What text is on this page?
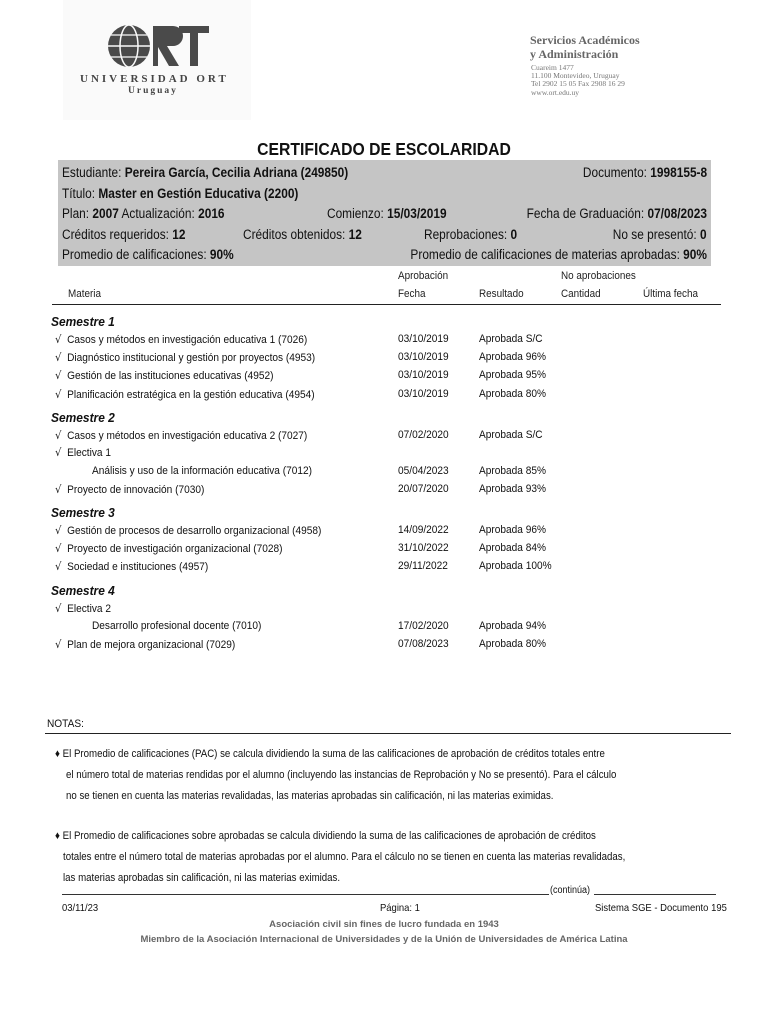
UNIVERSIDAD ORT
Uruguay
Servicios Académicos
y Administración
Cuareim 1477
11.100 Montevideo, Uruguay
Tel 2902 15 05 Fax 2908 16 29
www.ort.edu.uy
CERTIFICADO DE ESCOLARIDAD
Estudiante: Pereira García, Cecilia Adriana (249850)	Documento: 1998155-8
Título: Master en Gestión Educativa (2200)
Plan: 2007 Actualización: 2016	Comienzo: 15/03/2019	Fecha de Graduación: 07/08/2023
Créditos requeridos: 12	Créditos obtenidos: 12	Reprobaciones: 0	No se presentó: 0
Promedio de calificaciones: 90%	Promedio de calificaciones de materias aprobadas: 90%
Aprobación	No aprobaciones
Materia	Fecha	Resultado	Cantidad	Última fecha
Semestre 1
√ Casos y métodos en investigación educativa 1 (7026)	03/10/2019	Aprobada S/C
√ Diagnóstico institucional y gestión por proyectos (4953)	03/10/2019	Aprobada 96%
√ Gestión de las instituciones educativas (4952)	03/10/2019	Aprobada 95%
√ Planificación estratégica en la gestión educativa (4954)	03/10/2019	Aprobada 80%
Semestre 2
√ Casos y métodos en investigación educativa 2 (7027)	07/02/2020	Aprobada S/C
√ Electiva 1
Análisis y uso de la información educativa (7012)	05/04/2023	Aprobada 85%
√ Proyecto de innovación (7030)	20/07/2020	Aprobada 93%
Semestre 3
√ Gestión de procesos de desarrollo organizacional (4958)	14/09/2022	Aprobada 96%
√ Proyecto de investigación organizacional (7028)	31/10/2022	Aprobada 84%
√ Sociedad e instituciones (4957)	29/11/2022	Aprobada 100%
Semestre 4
√ Electiva 2
Desarrollo profesional docente (7010)	17/02/2020	Aprobada 94%
√ Plan de mejora organizacional (7029)	07/08/2023	Aprobada 80%
NOTAS:
♦ El Promedio de calificaciones (PAC) se calcula dividiendo la suma de las calificaciones de aprobación de créditos totales entre
el número total de materias rendidas por el alumno (incluyendo las instancias de Reprobación y No se presentó). Para el cálculo
no se tienen en cuenta las materias revalidadas, las materias aprobadas sin calificación, ni las materias eximidas.
♦ El Promedio de calificaciones sobre aprobadas se calcula dividiendo la suma de las calificaciones de aprobación de créditos
totales entre el número total de materias aprobadas por el alumno. Para el cálculo no se tienen en cuenta las materias revalidadas,
las materias aprobadas sin calificación, ni las materias eximidas.
(continúa)
03/11/23	Página: 1	Sistema SGE - Documento 195
Asociación civil sin fines de lucro fundada en 1943
Miembro de la Asociación Internacional de Universidades y de la Unión de Universidades de América Latina
